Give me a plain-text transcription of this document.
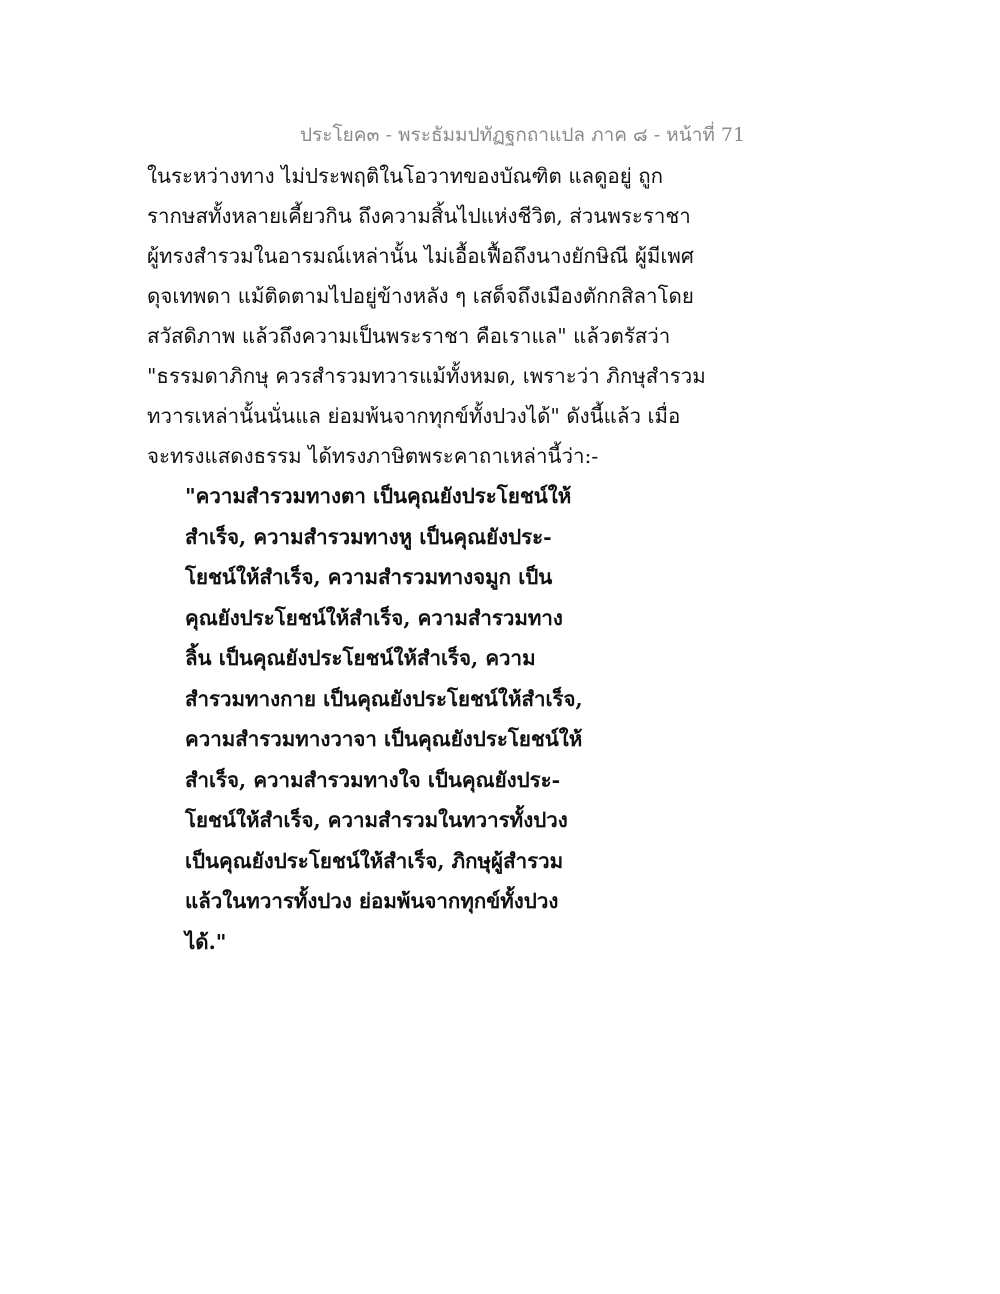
ประโยค๓ - พระธัมมปทัฏฐกถาแปล ภาค ๘ - หน้าที่ 71
ในระหว่างทาง ไม่ประพฤติในโอวาทของบัณฑิต แลดูอยู่ ถูก
รากษสทั้งหลายเคี้ยวกิน ถึงความสิ้นไปแห่งชีวิต, ส่วนพระราชา
ผู้ทรงสำรวมในอารมณ์เหล่านั้น ไม่เอื้อเฟื้อถึงนางยักษิณี ผู้มีเพศ
ดุจเทพดา แม้ติดตามไปอยู่ข้างหลัง ๆ เสด็จถึงเมืองตักกสิลาโดย
สวัสดิภาพ แล้วถึงความเป็นพระราชา คือเราแล" แล้วตรัสว่า
"ธรรมดาภิกษุ ควรสำรวมทวารแม้ทั้งหมด, เพราะว่า ภิกษุสำรวม
ทวารเหล่านั้นนั่นแล ย่อมพ้นจากทุกข์ทั้งปวงได้" ดังนี้แล้ว เมื่อ
จะทรงแสดงธรรม ได้ทรงภาษิตพระคาถาเหล่านี้ว่า:-
"ความสำรวมทางตา เป็นคุณยังประโยชน์ให้
สำเร็จ, ความสำรวมทางหู เป็นคุณยังประ-
โยชน์ให้สำเร็จ, ความสำรวมทางจมูก เป็น
คุณยังประโยชน์ให้สำเร็จ, ความสำรวมทาง
ลิ้น เป็นคุณยังประโยชน์ให้สำเร็จ, ความ
สำรวมทางกาย เป็นคุณยังประโยชน์ให้สำเร็จ,
ความสำรวมทางวาจา เป็นคุณยังประโยชน์ให้
สำเร็จ, ความสำรวมทางใจ เป็นคุณยังประ-
โยชน์ให้สำเร็จ, ความสำรวมในทวารทั้งปวง
เป็นคุณยังประโยชน์ให้สำเร็จ, ภิกษุผู้สำรวม
แล้วในทวารทั้งปวง ย่อมพ้นจากทุกข์ทั้งปวง
ได้."
